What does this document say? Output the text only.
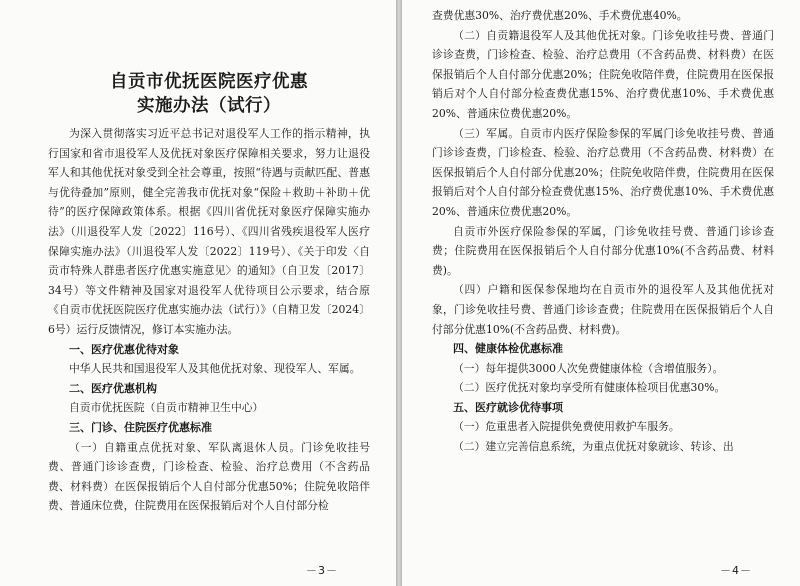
自贡市优抚医院医疗优惠
实施办法（试行）

为深入贯彻落实习近平总书记对退役军人工作的指示精神，执行国家和省市退役军人及优抚对象医疗保障相关要求，努力让退役军人和其他优抚对象受到全社会尊重，按照“待遇与贡献匹配、普惠与优待叠加”原则，健全完善我市优抚对象“保险＋救助＋补助＋优待”的医疗保障政策体系。根据《四川省优抚对象医疗保障实施办法》（川退役军人发〔2022〕116号）、《四川省残疾退役军人医疗保障实施办法》（川退役军人发〔2022〕119号）、《关于印发〈自贡市特殊人群患者医疗优惠实施意见〉的通知》（自卫发〔2017〕34号）等文件精神及国家对退役军人优待项目公示要求，结合原《自贡市优抚医院医疗优惠实施办法（试行）》（自精卫发〔2024〕6号）运行反馈情况，修订本实施办法。

一、医疗优惠优待对象

中华人民共和国退役军人及其他优抚对象、现役军人、军属。

二、医疗优惠机构

自贡市优抚医院（自贡市精神卫生中心）

三、门诊、住院医疗优惠标准

（一）自籍重点优抚对象、军队离退休人员。门诊免收挂号费、普通门诊诊查费，门诊检查、检验、治疗总费用（不含药品费、材料费）在医保报销后个人自付部分优惠50%；住院免收陪伴费、普通床位费，住院费用在医保报销后对个人自付部分检

－3－

查费优惠30%、治疗费优惠20%、手术费优惠40%。

（二）自贡籍退役军人及其他优抚对象。门诊免收挂号费、普通门诊诊查费，门诊检查、检验、治疗总费用（不含药品费、材料费）在医保报销后个人自付部分优惠20%；住院免收陪伴费，住院费用在医保报销后对个人自付部分检查费优惠15%、治疗费优惠10%、手术费优惠20%、普通床位费优惠20%。

（三）军属。自贡市内医疗保险参保的军属门诊免收挂号费、普通门诊诊查费，门诊检查、检验、治疗总费用（不含药品费、材料费）在医保报销后个人自付部分优惠20%；住院免收陪伴费，住院费用在医保报销后对个人自付部分检查费优惠15%、治疗费优惠10%、手术费优惠20%、普通床位费优惠20%。

自贡市外医疗保险参保的军属，门诊免收挂号费、普通门诊诊查费；住院费用在医保报销后个人自付部分优惠10%(不含药品费、材料费)。

（四）户籍和医保参保地均在自贡市外的退役军人及其他优抚对象，门诊免收挂号费、普通门诊诊查费；住院费用在医保报销后个人自付部分优惠10%(不含药品费、材料费)。

四、健康体检优惠标准

（一）每年提供3000人次免费健康体检（含增值服务）。

（二）医疗优抚对象均享受所有健康体检项目优惠30%。

五、医疗就诊优待事项

（一）危重患者入院提供免费使用救护车服务。

（二）建立完善信息系统，为重点优抚对象就诊、转诊、出

－4－
